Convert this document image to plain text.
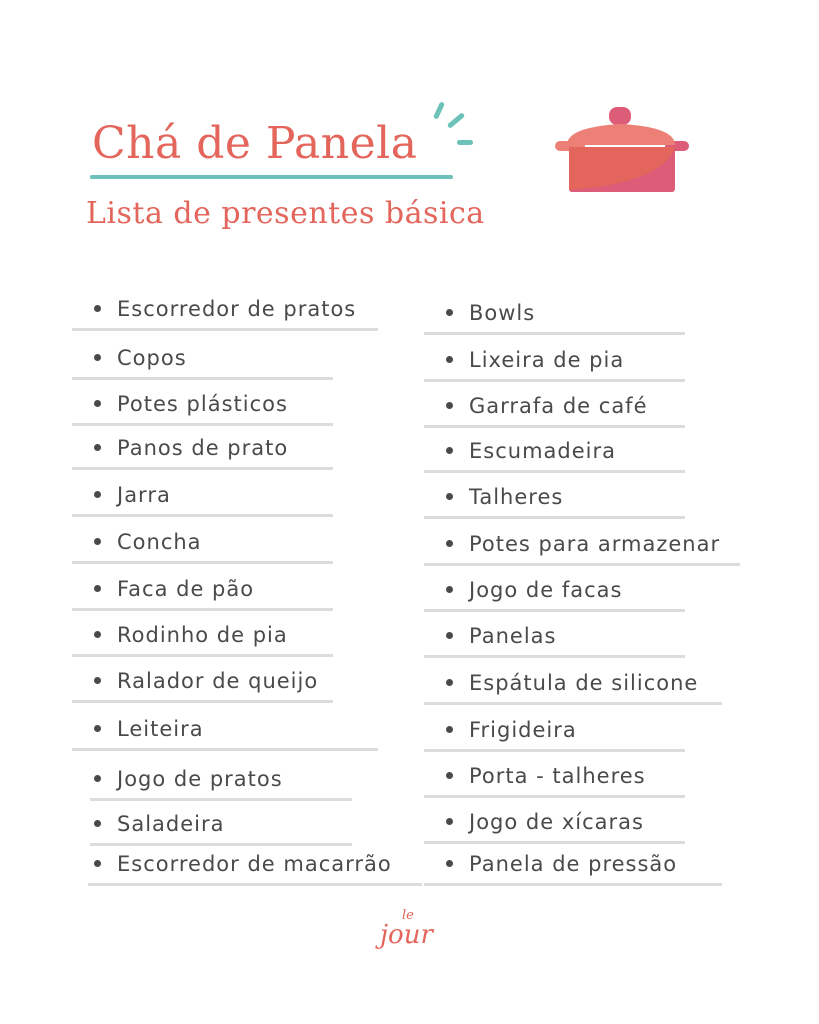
Chá de Panela
Lista de presentes básica
Escorredor de pratos
Copos
Potes plásticos
Panos de prato
Jarra
Concha
Faca de pão
Rodinho de pia
Ralador de queijo
Leiteira
Jogo de pratos
Saladeira
Escorredor de macarrão
Bowls
Lixeira de pia
Garrafa de café
Escumadeira
Talheres
Potes para armazenar
Jogo de facas
Panelas
Espátula de silicone
Frigideira
Porta - talheres
Jogo de xícaras
Panela de pressão
le
jour
